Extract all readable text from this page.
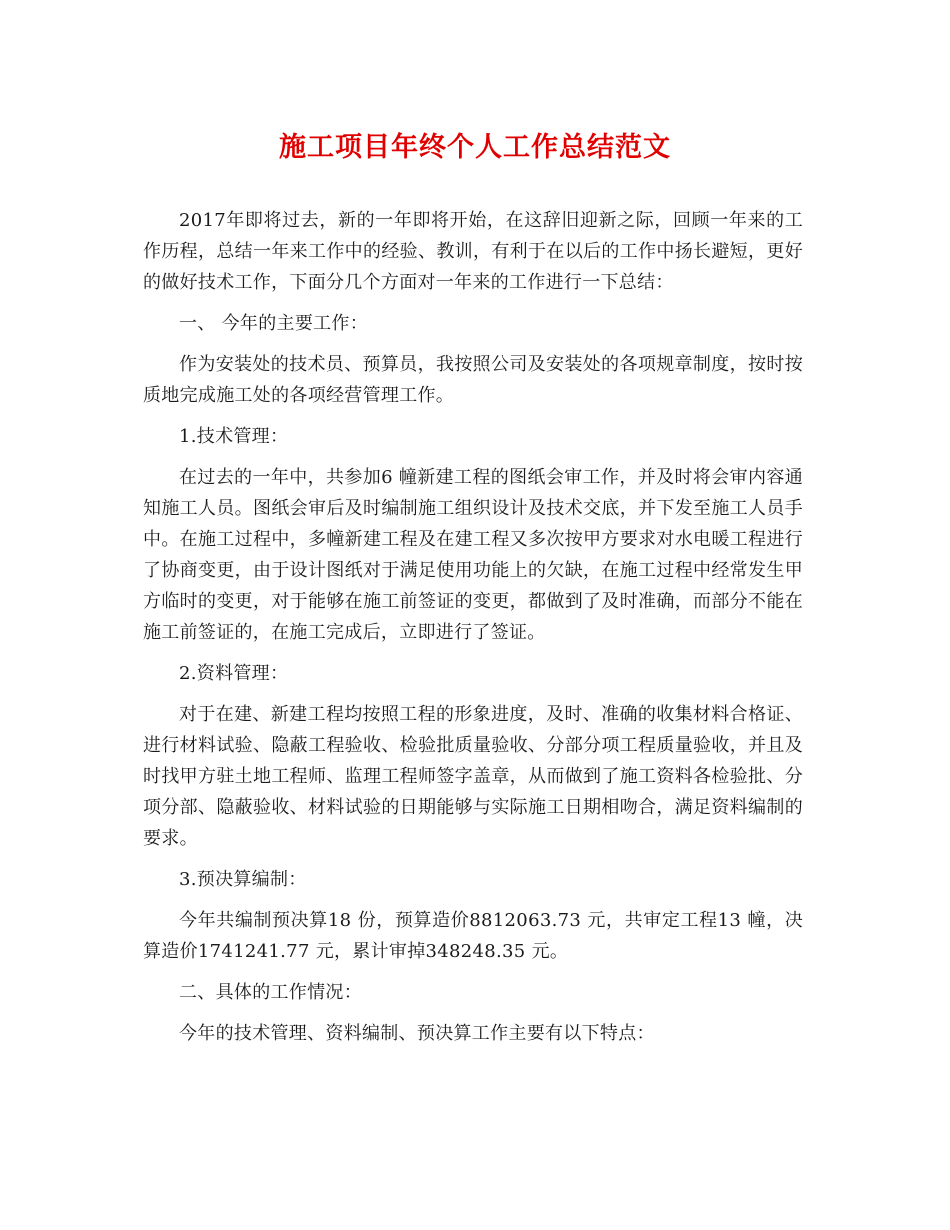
施工项目年终个人工作总结范文

2017年即将过去，新的一年即将开始，在这辞旧迎新之际，回顾一年来的工作历程，总结一年来工作中的经验、教训，有利于在以后的工作中扬长避短，更好的做好技术工作，下面分几个方面对一年来的工作进行一下总结：

一、 今年的主要工作：

作为安装处的技术员、预算员，我按照公司及安装处的各项规章制度，按时按质地完成施工处的各项经营管理工作。

1.技术管理：

在过去的一年中，共参加6 幢新建工程的图纸会审工作，并及时将会审内容通知施工人员。图纸会审后及时编制施工组织设计及技术交底，并下发至施工人员手中。在施工过程中，多幢新建工程及在建工程又多次按甲方要求对水电暖工程进行了协商变更，由于设计图纸对于满足使用功能上的欠缺，在施工过程中经常发生甲方临时的变更，对于能够在施工前签证的变更，都做到了及时准确，而部分不能在施工前签证的，在施工完成后，立即进行了签证。

2.资料管理：

对于在建、新建工程均按照工程的形象进度，及时、准确的收集材料合格证、进行材料试验、隐蔽工程验收、检验批质量验收、分部分项工程质量验收，并且及时找甲方驻土地工程师、监理工程师签字盖章，从而做到了施工资料各检验批、分项分部、隐蔽验收、材料试验的日期能够与实际施工日期相吻合，满足资料编制的要求。

3.预决算编制：

今年共编制预决算18 份，预算造价8812063.73 元，共审定工程13 幢，决算造价1741241.77 元，累计审掉348248.35 元。

二、具体的工作情况：

今年的技术管理、资料编制、预决算工作主要有以下特点：
